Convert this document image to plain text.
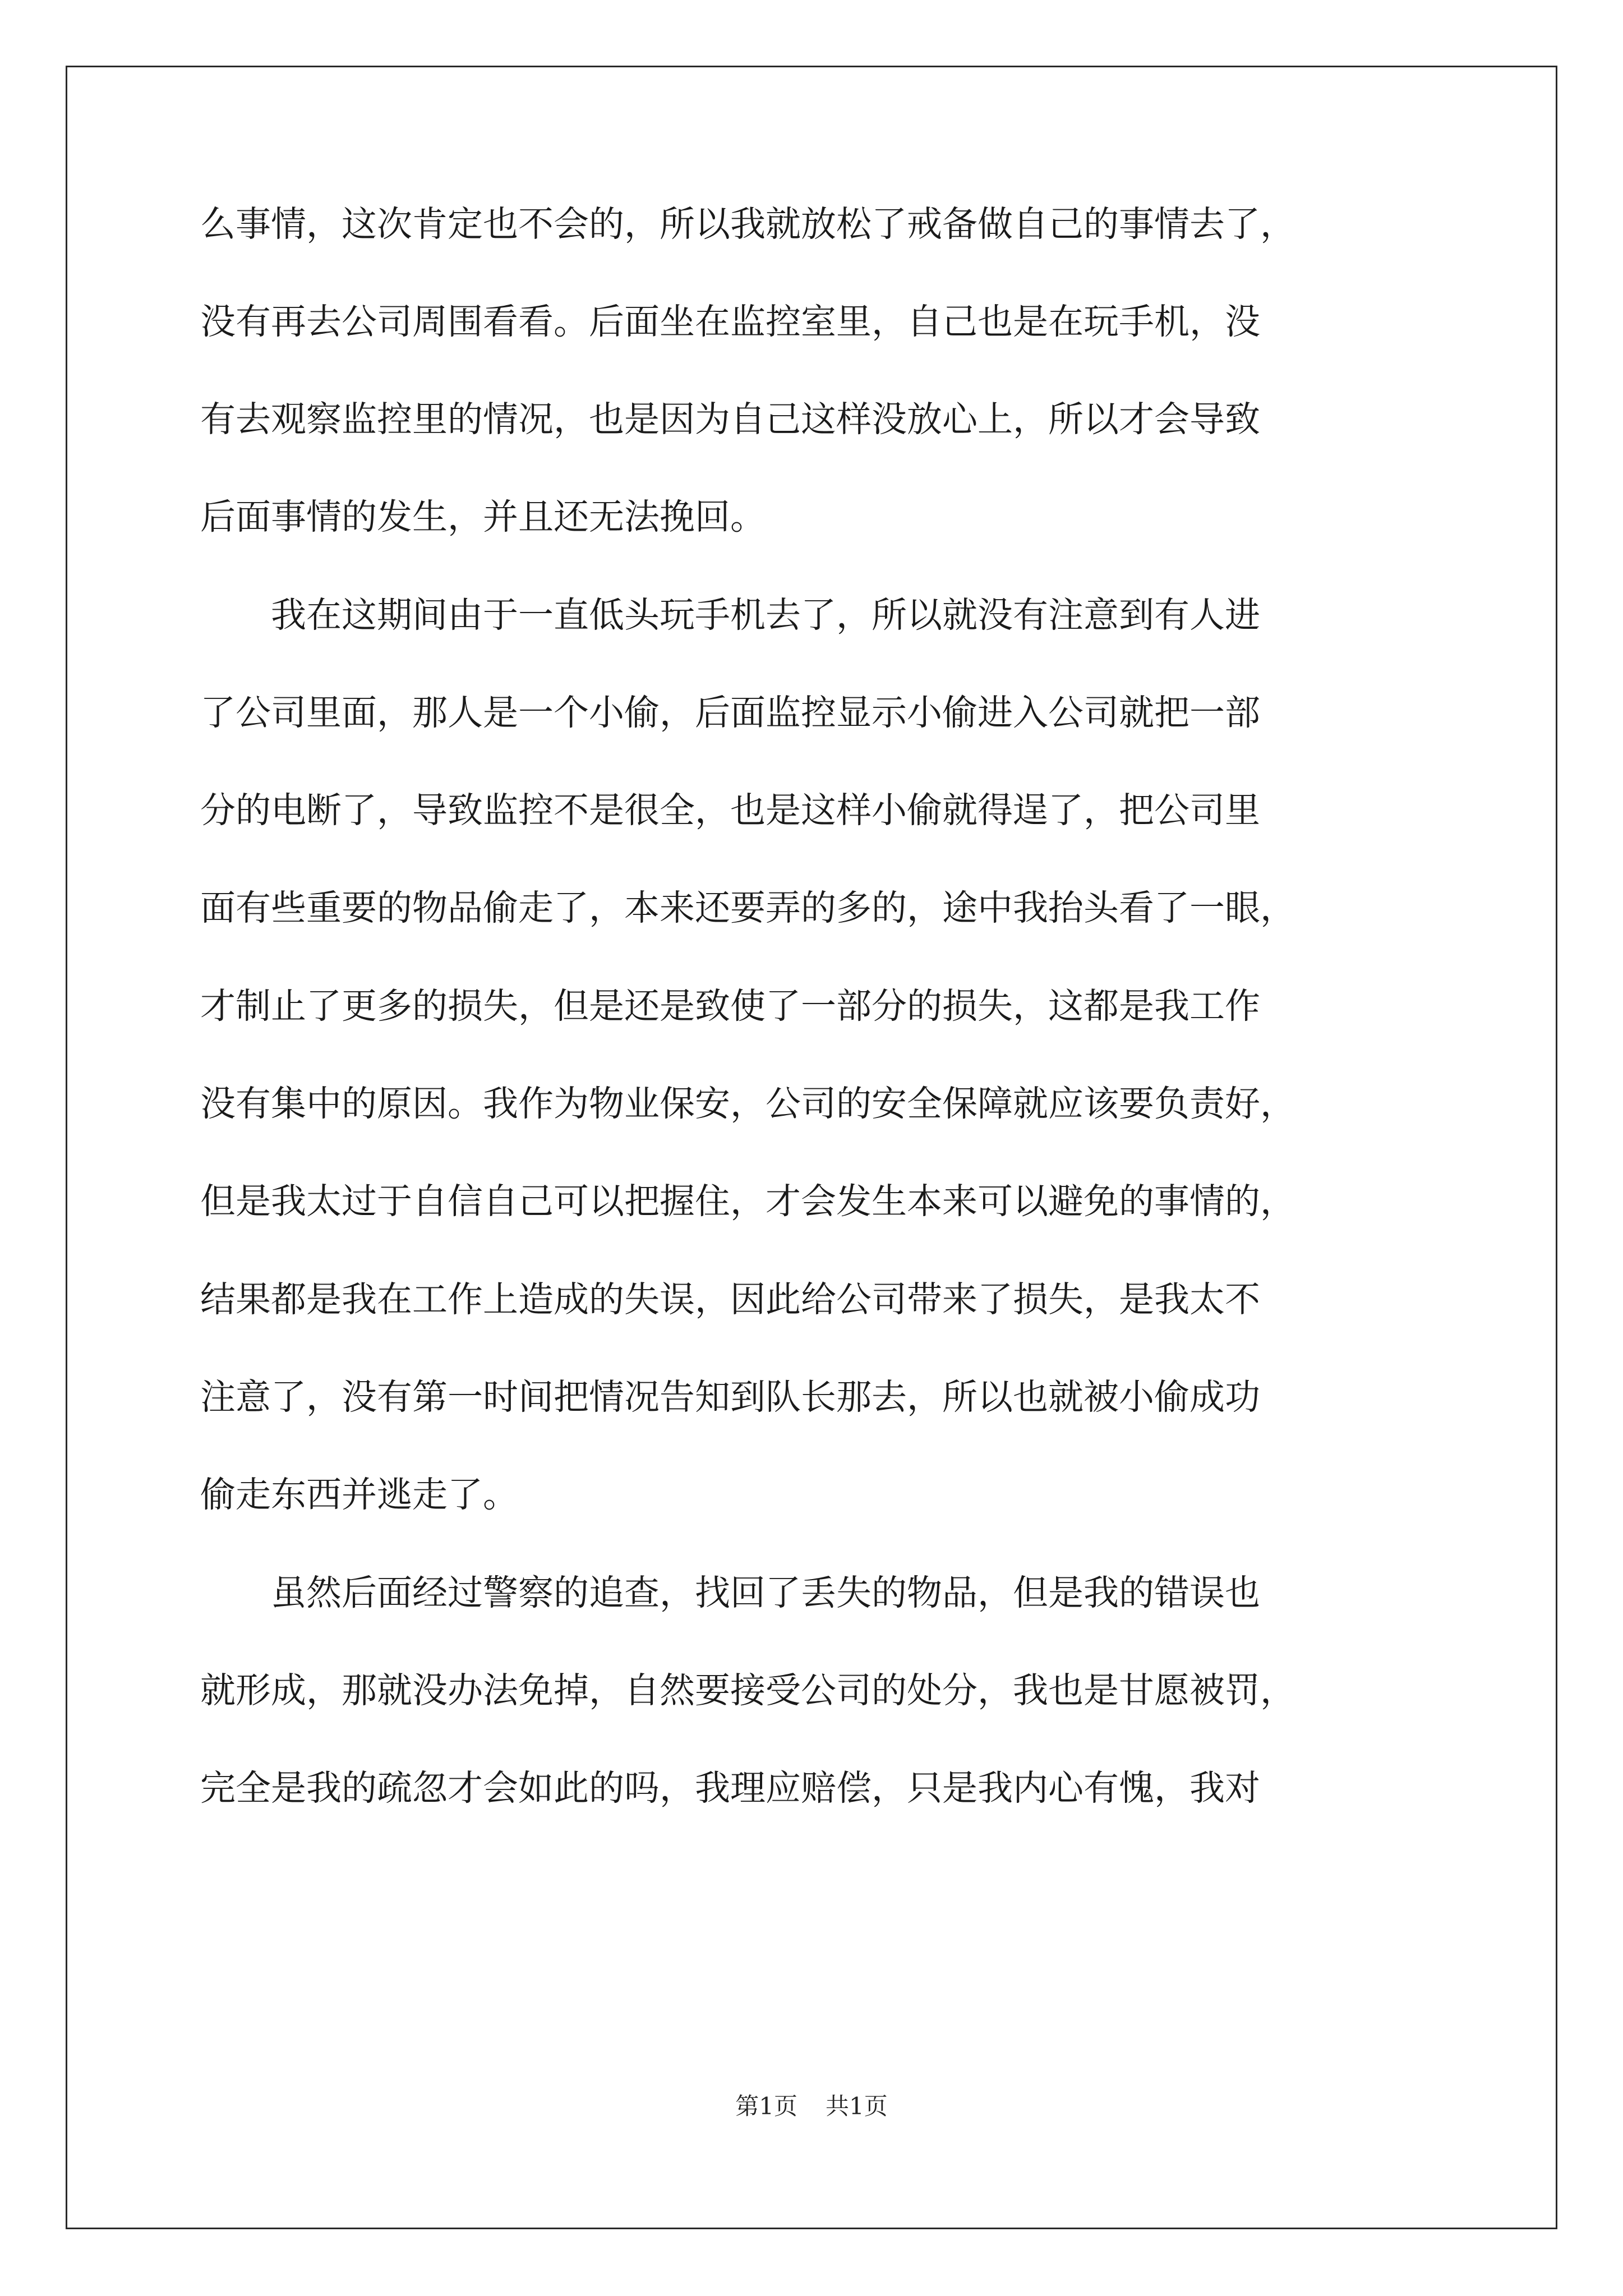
么事情，这次肯定也不会的，所以我就放松了戒备做自己的事情去了，
没有再去公司周围看看。后面坐在监控室里，自己也是在玩手机，没
有去观察监控里的情况，也是因为自己这样没放心上，所以才会导致
后面事情的发生，并且还无法挽回。
　　我在这期间由于一直低头玩手机去了，所以就没有注意到有人进
了公司里面，那人是一个小偷，后面监控显示小偷进入公司就把一部
分的电断了，导致监控不是很全，也是这样小偷就得逞了，把公司里
面有些重要的物品偷走了，本来还要弄的多的，途中我抬头看了一眼，
才制止了更多的损失，但是还是致使了一部分的损失，这都是我工作
没有集中的原因。我作为物业保安，公司的安全保障就应该要负责好，
但是我太过于自信自己可以把握住，才会发生本来可以避免的事情的，
结果都是我在工作上造成的失误，因此给公司带来了损失，是我太不
注意了，没有第一时间把情况告知到队长那去，所以也就被小偷成功
偷走东西并逃走了。
　　虽然后面经过警察的追查，找回了丢失的物品，但是我的错误也
就形成，那就没办法免掉，自然要接受公司的处分，我也是甘愿被罚，
完全是我的疏忽才会如此的吗，我理应赔偿，只是我内心有愧，我对
第1页 共1页
